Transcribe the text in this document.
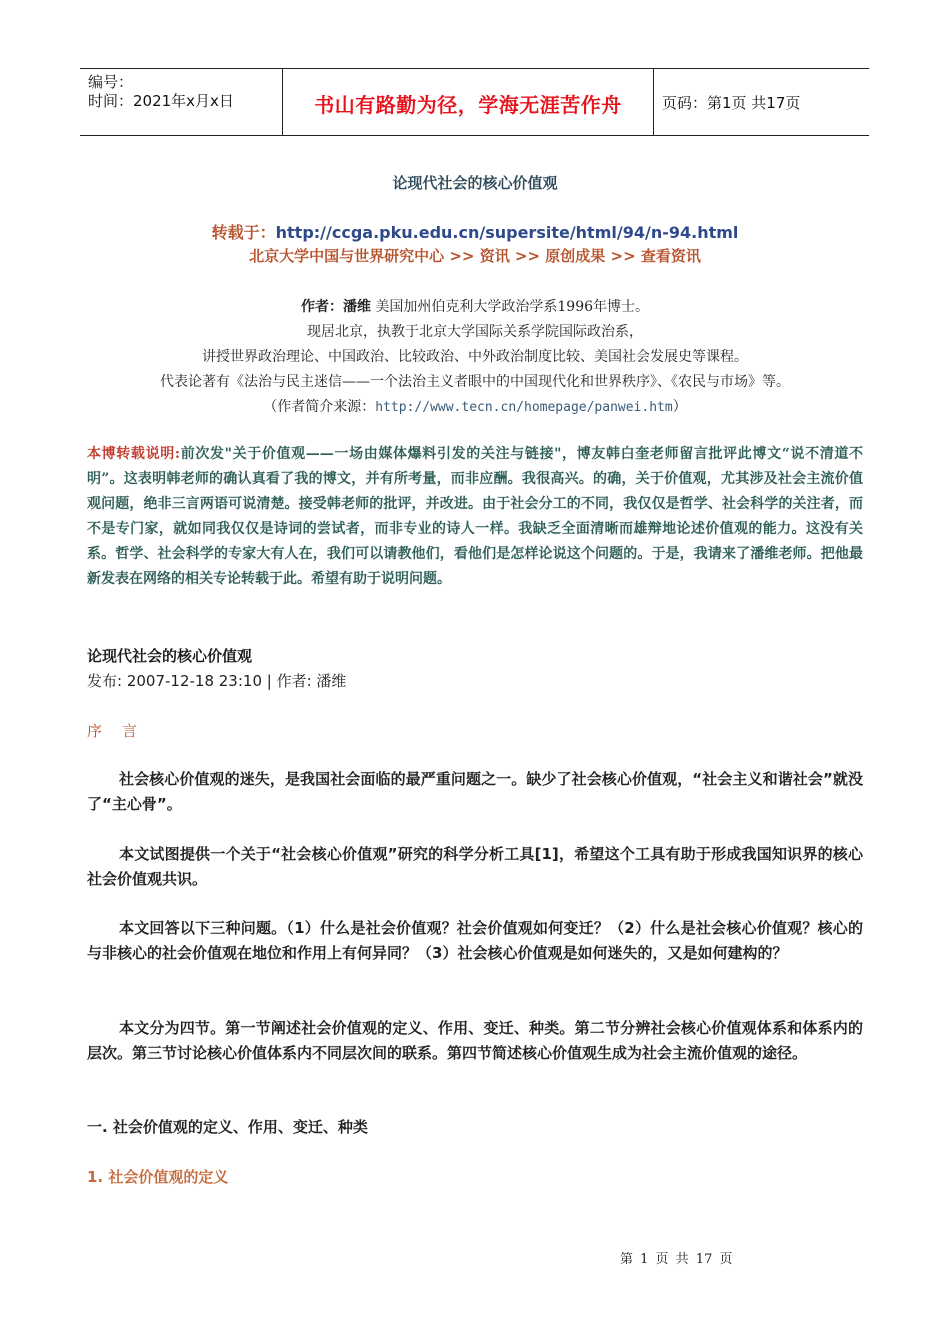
编号：
时间：2021年x月x日	书山有路勤为径，学海无涯苦作舟	页码：第1页 共17页
论现代社会的核心价值观
转载于：http://ccga.pku.edu.cn/supersite/html/94/n-94.html
北京大学中国与世界研究中心 >> 资讯 >> 原创成果 >> 查看资讯
作者：潘维 美国加州伯克利大学政治学系1996年博士。
现居北京，执教于北京大学国际关系学院国际政治系，
讲授世界政治理论、中国政治、比较政治、中外政治制度比较、美国社会发展史等课程。
代表论著有《法治与民主迷信——一个法治主义者眼中的中国现代化和世界秩序》、《农民与市场》等。
（作者简介来源：http://www.tecn.cn/homepage/panwei.htm）
本博转载说明:前次发"关于价值观——一场由媒体爆料引发的关注与链接"，博友韩白奎老师留言批评此博文“说不清道不明”。这表明韩老师的确认真看了我的博文，并有所考量，而非应酬。我很高兴。的确，关于价值观，尤其涉及社会主流价值观问题，绝非三言两语可说清楚。接受韩老师的批评，并改进。由于社会分工的不同，我仅仅是哲学、社会科学的关注者，而不是专门家，就如同我仅仅是诗词的尝试者，而非专业的诗人一样。我缺乏全面清晰而雄辩地论述价值观的能力。这没有关系。哲学、社会科学的专家大有人在，我们可以请教他们，看他们是怎样论说这个问题的。于是，我请来了潘维老师。把他最新发表在网络的相关专论转载于此。希望有助于说明问题。
论现代社会的核心价值观
发布: 2007-12-18 23:10 | 作者: 潘维
序言
社会核心价值观的迷失，是我国社会面临的最严重问题之一。缺少了社会核心价值观，“社会主义和谐社会”就没了“主心骨”。
本文试图提供一个关于“社会核心价值观”研究的科学分析工具[1]，希望这个工具有助于形成我国知识界的核心社会价值观共识。
本文回答以下三种问题。（1）什么是社会价值观？社会价值观如何变迁？（2）什么是社会核心价值观？核心的与非核心的社会价值观在地位和作用上有何异同？（3）社会核心价值观是如何迷失的，又是如何建构的？
本文分为四节。第一节阐述社会价值观的定义、作用、变迁、种类。第二节分辨社会核心价值观体系和体系内的层次。第三节讨论核心价值体系内不同层次间的联系。第四节简述核心价值观生成为社会主流价值观的途径。
一. 社会价值观的定义、作用、变迁、种类
1. 社会价值观的定义
第 1 页 共 17 页
